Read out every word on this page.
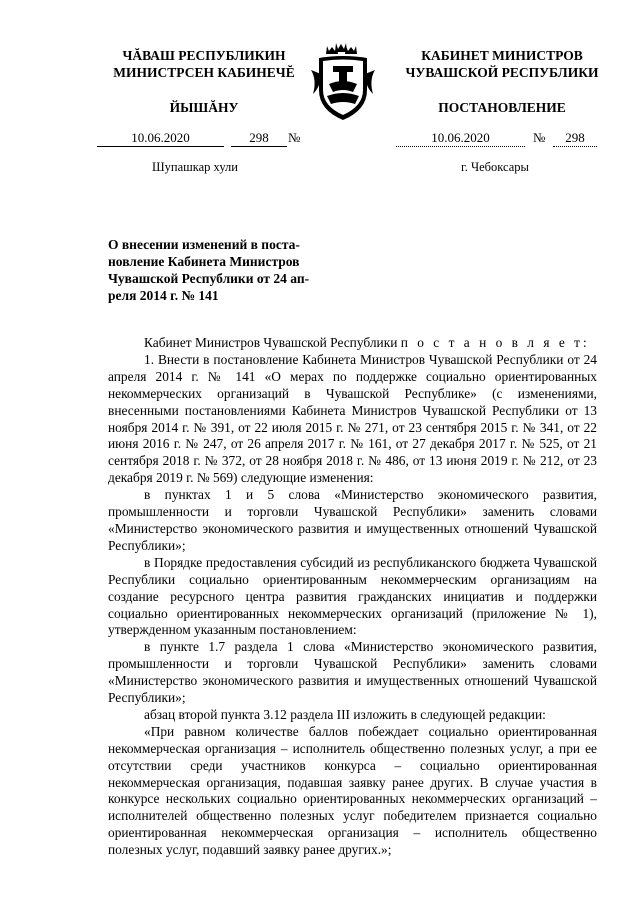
ЧĂВАШ РЕСПУБЛИКИН
МИНИСТРСЕН КАБИНЕЧĔ
ЙЫШĂНУ
КАБИНЕТ МИНИСТРОВ
ЧУВАШСКОЙ РЕСПУБЛИКИ
ПОСТАНОВЛЕНИЕ
10.06.2020	298	№	10.06.2020	№	298
Шупашкар хули	г. Чебоксары
О внесении изменений в поста-
новление Кабинета Министров
Чувашской Республики от 24 ап-
реля 2014 г. № 141

Кабинет Министров Чувашской Республики п о с т а н о в л я е т:

1. Внести в постановление Кабинета Министров Чувашской Республики от 24 апреля 2014 г. № 141 «О мерах по поддержке социально ориентированных некоммерческих организаций в Чувашской Республике» (с изменениями, внесенными постановлениями Кабинета Министров Чувашской Республики от 13 ноября 2014 г. № 391, от 22 июля 2015 г. № 271, от 23 сентября 2015 г. № 341, от 22 июня 2016 г. № 247, от 26 апреля 2017 г. № 161, от 27 декабря 2017 г. № 525, от 21 сентября 2018 г. № 372, от 28 ноября 2018 г. № 486, от 13 июня 2019 г. № 212, от 23 декабря 2019 г. № 569) следующие изменения:

в пунктах 1 и 5 слова «Министерство экономического развития, промышленности и торговли Чувашской Республики» заменить словами «Министерство экономического развития и имущественных отношений Чувашской Республики»;

в Порядке предоставления субсидий из республиканского бюджета Чувашской Республики социально ориентированным некоммерческим организациям на создание ресурсного центра развития гражданских инициатив и поддержки социально ориентированных некоммерческих организаций (приложение № 1), утвержденном указанным постановлением:

в пункте 1.7 раздела 1 слова «Министерство экономического развития, промышленности и торговли Чувашской Республики» заменить словами «Министерство экономического развития и имущественных отношений Чувашской Республики»;

абзац второй пункта 3.12 раздела III изложить в следующей редакции:

«При равном количестве баллов побеждает социально ориентированная некоммерческая организация – исполнитель общественно полезных услуг, а при ее отсутствии среди участников конкурса – социально ориентированная некоммерческая организация, подавшая заявку ранее других. В случае участия в конкурсе нескольких социально ориентированных некоммерческих организаций – исполнителей общественно полезных услуг победителем признается социально ориентированная некоммерческая организация – исполнитель общественно полезных услуг, подавший заявку ранее других.»;
